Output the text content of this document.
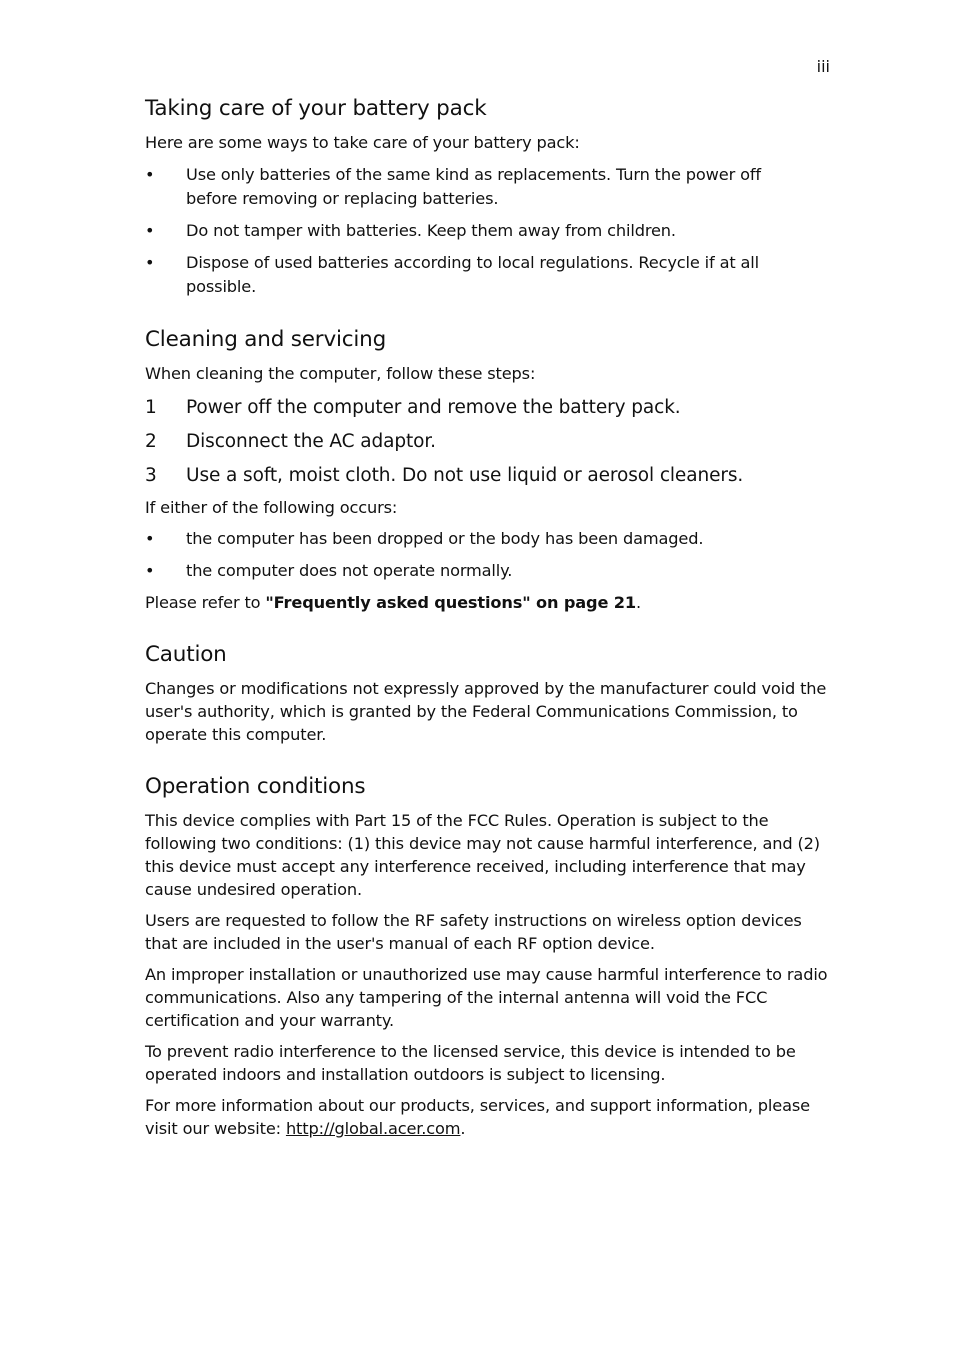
iii
Taking care of your battery pack

Here are some ways to take care of your battery pack:

• Use only batteries of the same kind as replacements. Turn the power off before removing or replacing batteries.
• Do not tamper with batteries. Keep them away from children.
• Dispose of used batteries according to local regulations. Recycle if at all possible.
Cleaning and servicing

When cleaning the computer, follow these steps:

1 Power off the computer and remove the battery pack.
2 Disconnect the AC adaptor.
3 Use a soft, moist cloth. Do not use liquid or aerosol cleaners.

If either of the following occurs:

• the computer has been dropped or the body has been damaged.
• the computer does not operate normally.

Please refer to "Frequently asked questions" on page 21.

Caution

Changes or modifications not expressly approved by the manufacturer could void the user's authority, which is granted by the Federal Communications Commission, to operate this computer.

Operation conditions

This device complies with Part 15 of the FCC Rules. Operation is subject to the following two conditions: (1) this device may not cause harmful interference, and (2) this device must accept any interference received, including interference that may cause undesired operation.

Users are requested to follow the RF safety instructions on wireless option devices that are included in the user's manual of each RF option device.

An improper installation or unauthorized use may cause harmful interference to radio communications. Also any tampering of the internal antenna will void the FCC certification and your warranty.

To prevent radio interference to the licensed service, this device is intended to be operated indoors and installation outdoors is subject to licensing.

For more information about our products, services, and support information, please visit our website: http://global.acer.com.
